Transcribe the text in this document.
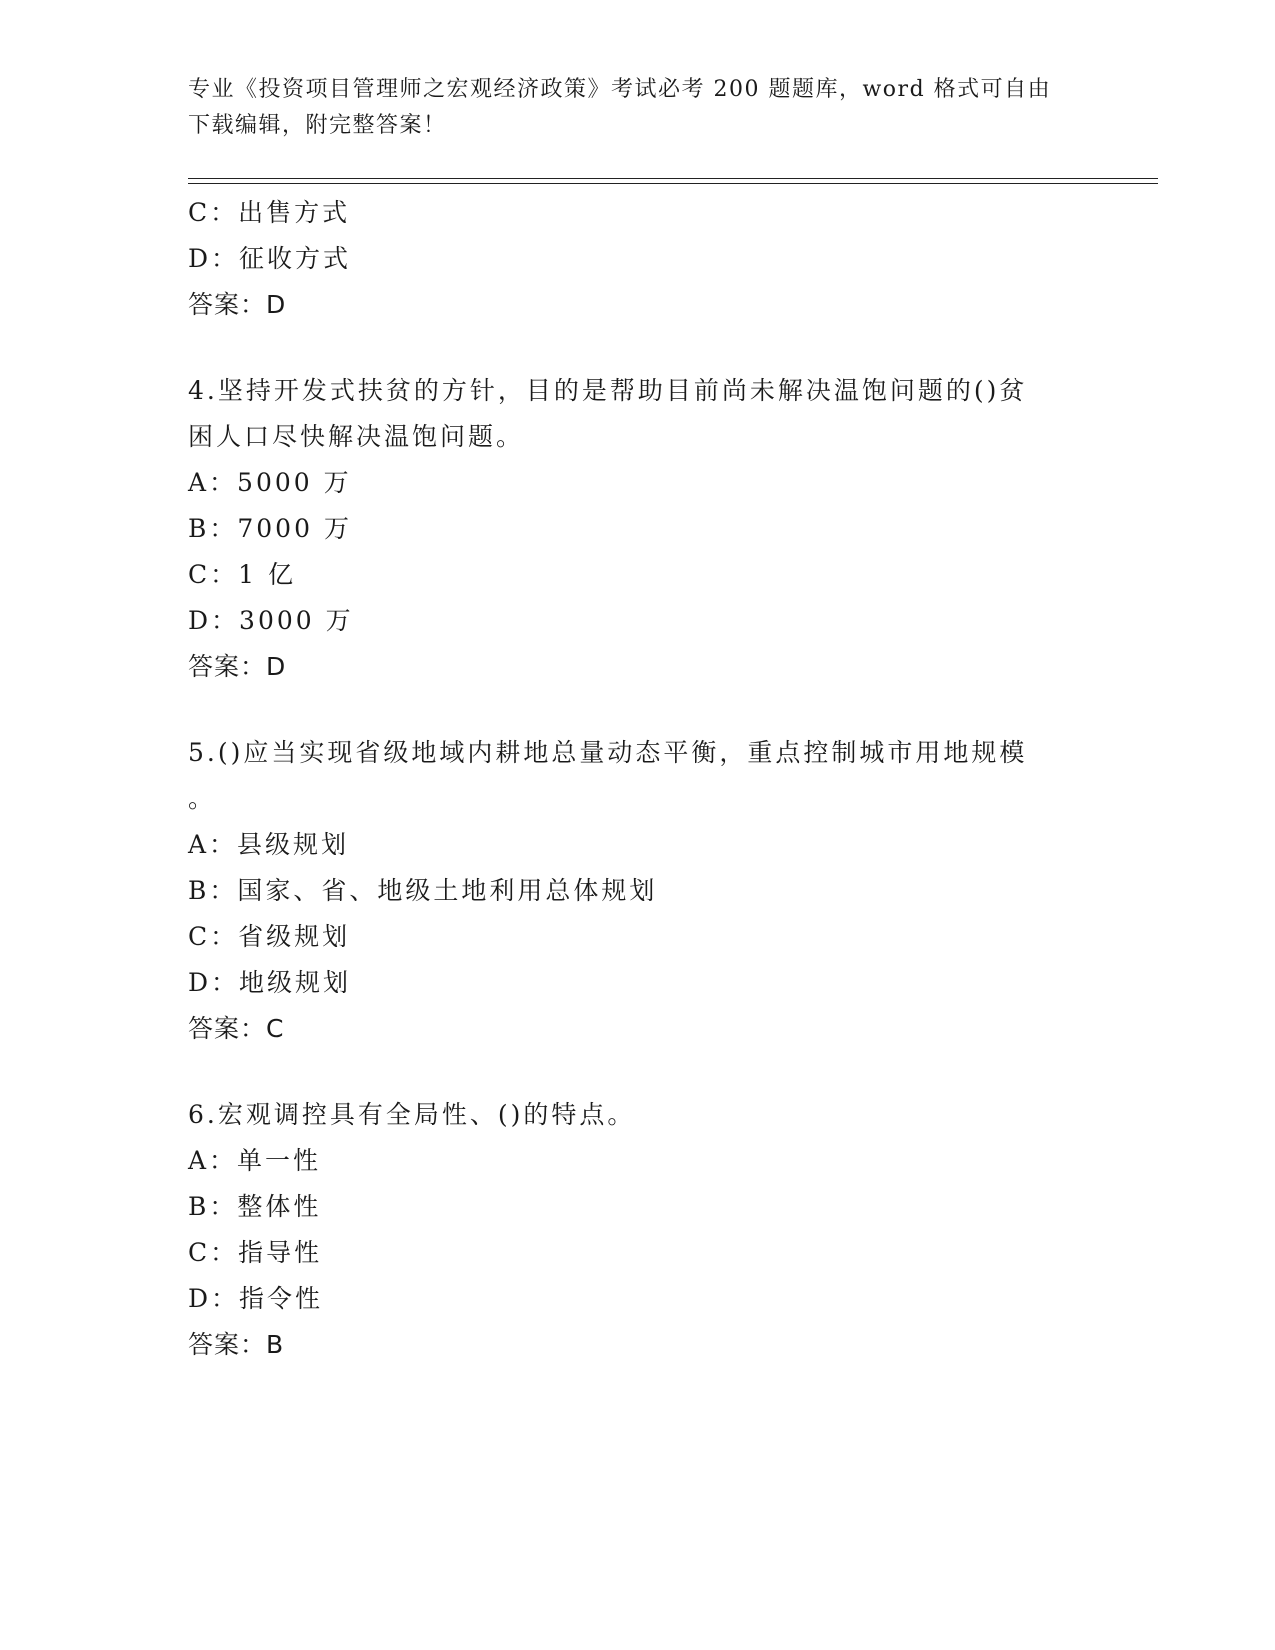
专业《投资项目管理师之宏观经济政策》考试必考 200 题题库，word 格式可自由
下载编辑，附完整答案！
C：出售方式
D：征收方式
答案：D
4.坚持开发式扶贫的方针，目的是帮助目前尚未解决温饱问题的()贫
困人口尽快解决温饱问题。
A：5000 万
B：7000 万
C：1 亿
D：3000 万
答案：D
5.()应当实现省级地域内耕地总量动态平衡，重点控制城市用地规模
。
A：县级规划
B：国家、省、地级土地利用总体规划
C：省级规划
D：地级规划
答案：C
6.宏观调控具有全局性、()的特点。
A：单一性
B：整体性
C：指导性
D：指令性
答案：B
